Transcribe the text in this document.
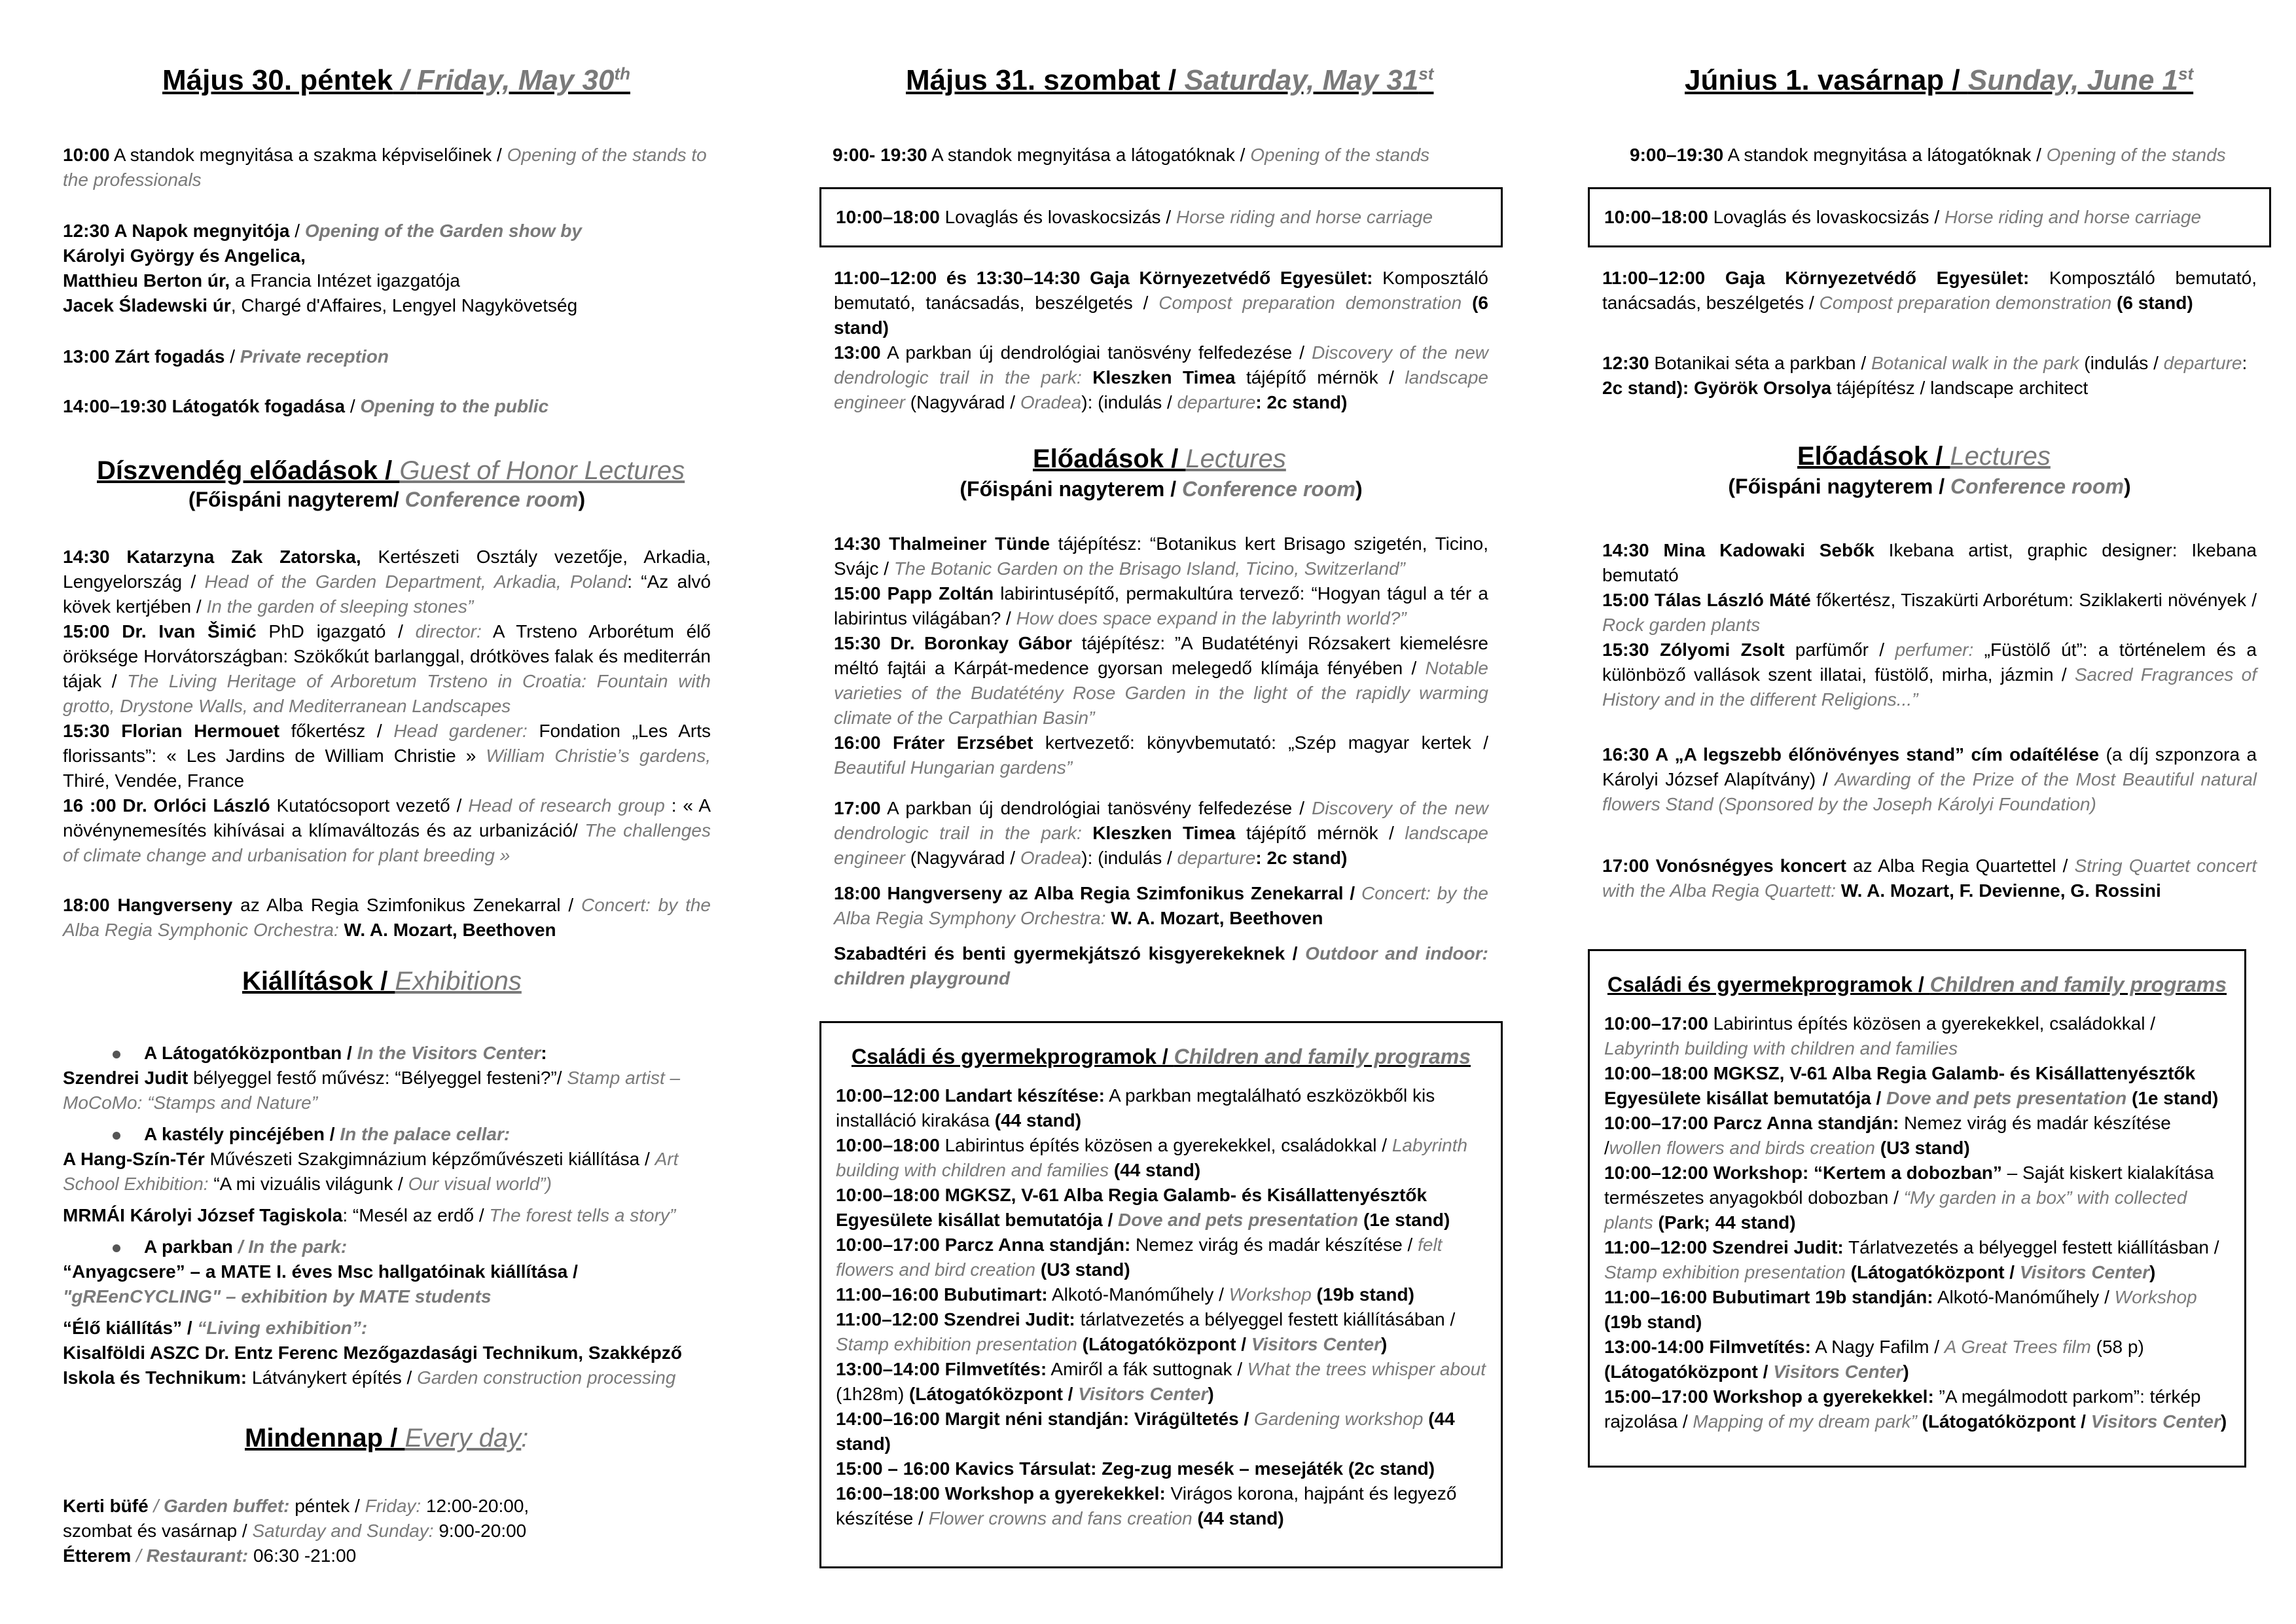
Május 30. péntek / Friday, May 30th
10:00 A standok megnyitása a szakma képviselőinek / Opening of the stands to the professionals
12:30 A Napok megnyitója / Opening of the Garden show by
Károlyi György és Angelica,
Matthieu Berton úr, a Francia Intézet igazgatója
Jacek Śladewski úr, Chargé d'Affaires, Lengyel Nagykövetség
13:00 Zárt fogadás / Private reception
14:00–19:30 Látogatók fogadása / Opening to the public
Díszvendég előadások / Guest of Honor Lectures
(Főispáni nagyterem/ Conference room)
14:30 Katarzyna Zak Zatorska, Kertészeti Osztály vezetője, Arkadia, Lengyelország / Head of the Garden Department, Arkadia, Poland: “Az alvó kövek kertjében / In the garden of sleeping stones”
15:00 Dr. Ivan Šimić PhD igazgató / director: A Trsteno Arborétum élő öröksége Horvátországban: Szökőkút barlanggal, drótköves falak és mediterrán tájak / The Living Heritage of Arboretum Trsteno in Croatia: Fountain with grotto, Drystone Walls, and Mediterranean Landscapes
15:30 Florian Hermouet főkertész / Head gardener: Fondation „Les Arts florissants”: « Les Jardins de William Christie » William Christie’s gardens, Thiré, Vendée, France
16 :00 Dr. Orlóci László Kutatócsoport vezető / Head of research group : « A növénynemesítés kihívásai a klímaváltozás és az urbanizáció/ The challenges of climate change and urbanisation for plant breeding »
18:00 Hangverseny az Alba Regia Szimfonikus Zenekarral / Concert: by the Alba Regia Symphonic Orchestra: W. A. Mozart, Beethoven
Kiállítások / Exhibitions
A Látogatóközpontban / In the Visitors Center:
Szendrei Judit bélyeggel festő művész: “Bélyeggel festeni?”/ Stamp artist – MoCoMo: “Stamps and Nature”
A kastély pincéjében / In the palace cellar:
A Hang-Szín-Tér Művészeti Szakgimnázium képzőművészeti kiállítása / Art School Exhibition: “A mi vizuális világunk / Our visual world”)
MRMÁI Károlyi József Tagiskola: “Mesél az erdő / The forest tells a story”
A parkban / In the park:
“Anyagcsere” – a MATE I. éves Msc hallgatóinak kiállítása /
"gREenCYCLING" – exhibition by MATE students
“Élő kiállítás” / “Living exhibition”:
Kisalföldi ASZC Dr. Entz Ferenc Mezőgazdasági Technikum, Szakképző Iskola és Technikum: Látványkert építés / Garden construction processing
Mindennap / Every day:
Kerti büfé / Garden buffet: péntek / Friday: 12:00-20:00,
szombat és vasárnap / Saturday and Sunday: 9:00-20:00
Étterem / Restaurant: 06:30 -21:00
Május 31. szombat / Saturday, May 31st
9:00- 19:30 A standok megnyitása a látogatóknak / Opening of the stands
10:00–18:00 Lovaglás és lovaskocsizás / Horse riding and horse carriage
11:00–12:00 és 13:30–14:30 Gaja Környezetvédő Egyesület: Komposztáló bemutató, tanácsadás, beszélgetés / Compost preparation demonstration (6 stand)
13:00 A parkban új dendrológiai tanösvény felfedezése / Discovery of the new dendrologic trail in the park: Kleszken Timea tájépítő mérnök / landscape engineer (Nagyvárad / Oradea): (indulás / departure: 2c stand)
Előadások / Lectures
(Főispáni nagyterem / Conference room)
14:30 Thalmeiner Tünde tájépítész: “Botanikus kert Brisago szigetén, Ticino, Svájc / The Botanic Garden on the Brisago Island, Ticino, Switzerland”
15:00 Papp Zoltán labirintusépítő, permakultúra tervező: “Hogyan tágul a tér a labirintus világában? / How does space expand in the labyrinth world?”
15:30 Dr. Boronkay Gábor tájépítész: ”A Budatétényi Rózsakert kiemelésre méltó fajtái a Kárpát-medence gyorsan melegedő klímája fényében / Notable varieties of the Budatétény Rose Garden in the light of the rapidly warming climate of the Carpathian Basin”
16:00 Fráter Erzsébet kertvezető: könyvbemutató: „Szép magyar kertek / Beautiful Hungarian gardens”
17:00 A parkban új dendrológiai tanösvény felfedezése / Discovery of the new dendrologic trail in the park: Kleszken Timea tájépítő mérnök / landscape engineer (Nagyvárad / Oradea): (indulás / departure: 2c stand)
18:00 Hangverseny az Alba Regia Szimfonikus Zenekarral / Concert: by the Alba Regia Symphony Orchestra: W. A. Mozart, Beethoven
Szabadtéri és benti gyermekjátszó kisgyerekeknek / Outdoor and indoor: children playground
Családi és gyermekprogramok / Children and family programs
10:00–12:00 Landart készítése: A parkban megtalálható eszközökből kis installáció kirakása (44 stand)
10:00–18:00 Labirintus építés közösen a gyerekekkel, családokkal / Labyrinth building with children and families (44 stand)
10:00–18:00 MGKSZ, V-61 Alba Regia Galamb- és Kisállattenyésztők Egyesülete kisállat bemutatója / Dove and pets presentation (1e stand)
10:00–17:00 Parcz Anna standján: Nemez virág és madár készítése / felt flowers and bird creation (U3 stand)
11:00–16:00 Bubutimart: Alkotó-Manóműhely / Workshop (19b stand)
11:00–12:00 Szendrei Judit: tárlatvezetés a bélyeggel festett kiállításában / Stamp exhibition presentation (Látogatóközpont / Visitors Center)
13:00–14:00 Filmvetítés: Amiről a fák suttognak / What the trees whisper about (1h28m) (Látogatóközpont / Visitors Center)
14:00–16:00 Margit néni standján: Virágültetés / Gardening workshop (44 stand)
15:00 – 16:00 Kavics Társulat: Zeg-zug mesék – mesejáték (2c stand)
16:00–18:00 Workshop a gyerekekkel: Virágos korona, hajpánt és legyező készítése / Flower crowns and fans creation (44 stand)
Június 1. vasárnap / Sunday, June 1st
9:00–19:30 A standok megnyitása a látogatóknak / Opening of the stands
10:00–18:00 Lovaglás és lovaskocsizás / Horse riding and horse carriage
11:00–12:00 Gaja Környezetvédő Egyesület: Komposztáló bemutató, tanácsadás, beszélgetés / Compost preparation demonstration (6 stand)
12:30 Botanikai séta a parkban / Botanical walk in the park (indulás / departure:
2c stand): Györök Orsolya tájépítész / landscape architect
Előadások / Lectures
(Főispáni nagyterem / Conference room)
14:30 Mina Kadowaki Sebők Ikebana artist, graphic designer: Ikebana bemutató
15:00 Tálas László Máté főkertész, Tiszakürti Arborétum: Sziklakerti növények / Rock garden plants
15:30 Zólyomi Zsolt parfümőr / perfumer: „Füstölő út”: a történelem és a különböző vallások szent illatai, füstölő, mirha, jázmin / Sacred Fragrances of History and in the different Religions...”
16:30 A „A legszebb élőnövényes stand” cím odaítélése (a díj szponzora a Károlyi József Alapítvány) / Awarding of the Prize of the Most Beautiful natural flowers Stand (Sponsored by the Joseph Károlyi Foundation)
17:00 Vonósnégyes koncert az Alba Regia Quartettel / String Quartet concert with the Alba Regia Quartett: W. A. Mozart, F. Devienne, G. Rossini
Családi és gyermekprogramok / Children and family programs
10:00–17:00 Labirintus építés közösen a gyerekekkel, családokkal / Labyrinth building with children and families
10:00–18:00 MGKSZ, V-61 Alba Regia Galamb- és Kisállattenyésztők Egyesülete kisállat bemutatója / Dove and pets presentation (1e stand)
10:00–17:00 Parcz Anna standján: Nemez virág és madár készítése /wollen flowers and birds creation (U3 stand)
10:00–12:00 Workshop: “Kertem a dobozban” – Saját kiskert kialakítása természetes anyagokból dobozban / “My garden in a box” with collected plants (Park; 44 stand)
11:00–12:00 Szendrei Judit: Tárlatvezetés a bélyeggel festett kiállításban / Stamp exhibition presentation (Látogatóközpont / Visitors Center)
11:00–16:00 Bubutimart 19b standján: Alkotó-Manóműhely / Workshop (19b stand)
13:00-14:00 Filmvetítés: A Nagy Fafilm / A Great Trees film (58 p)
(Látogatóközpont / Visitors Center)
15:00–17:00 Workshop a gyerekekkel: ”A megálmodott parkom”: térkép rajzolása / Mapping of my dream park” (Látogatóközpont / Visitors Center)
